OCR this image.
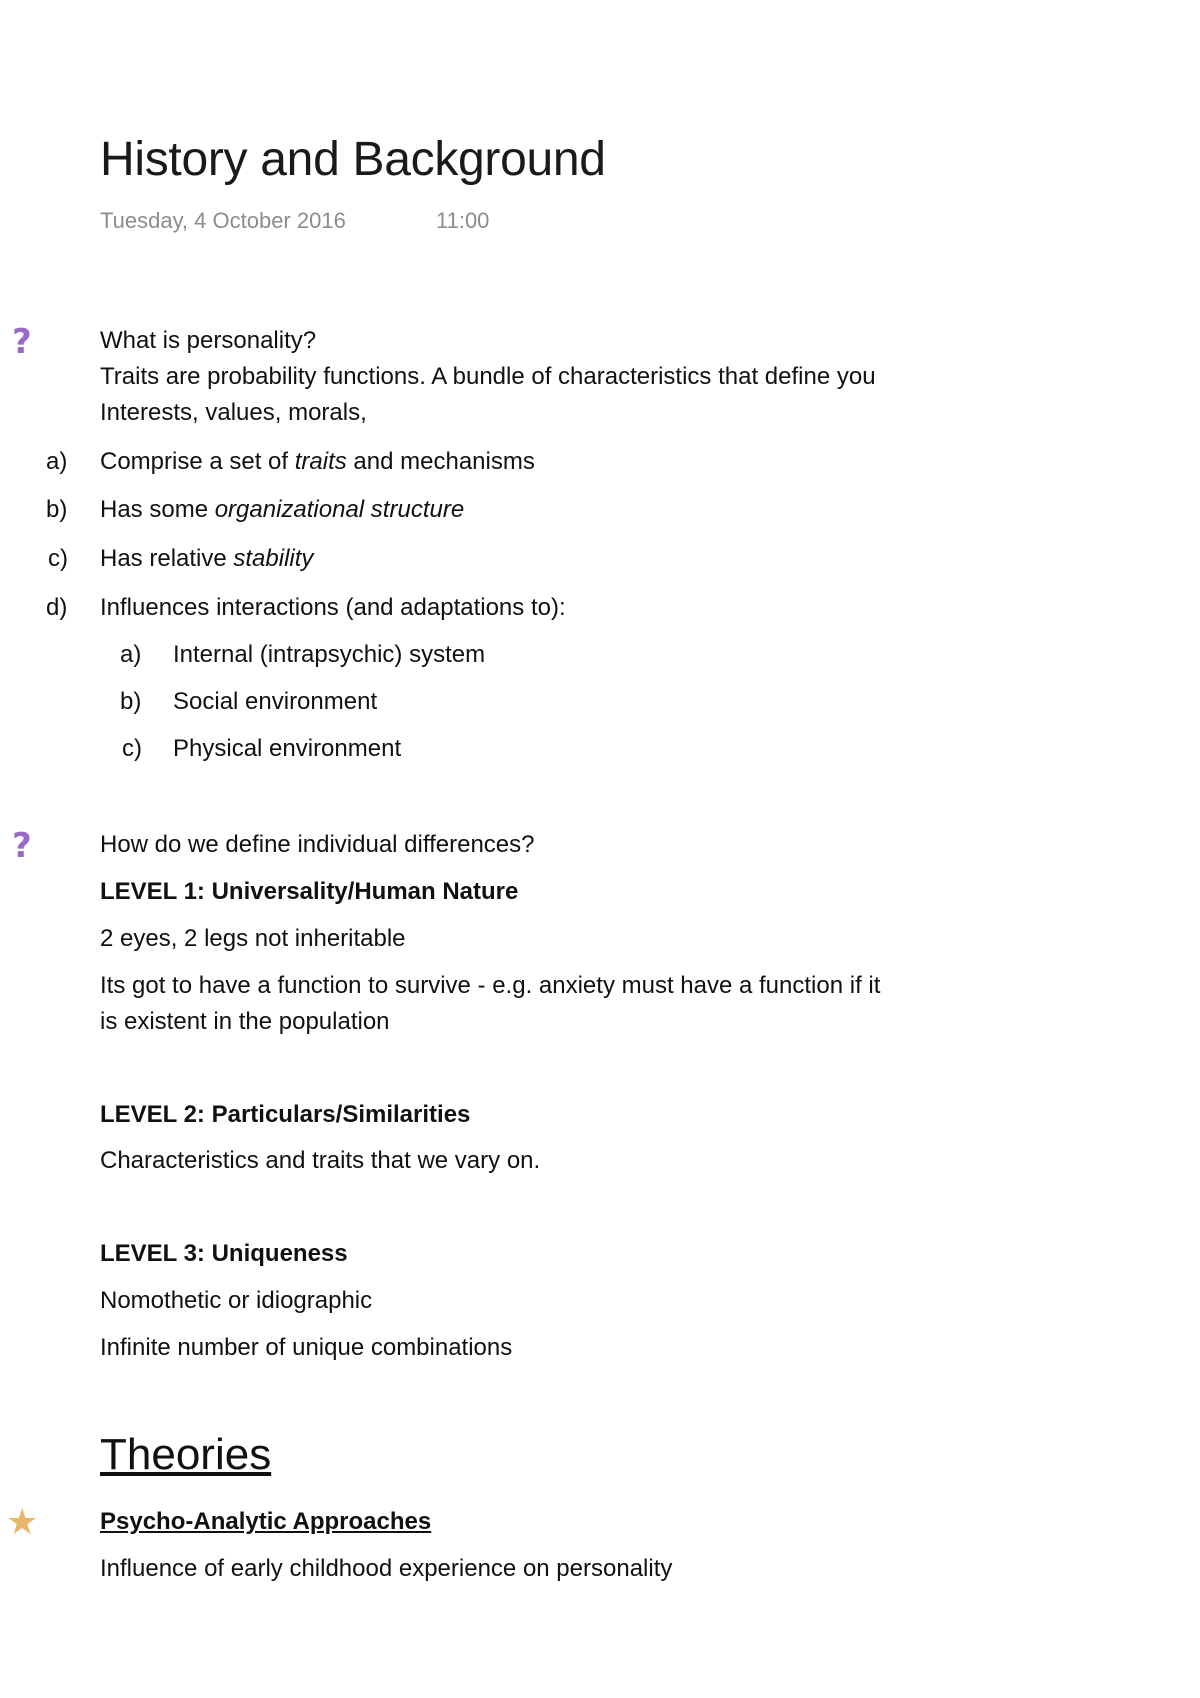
History and Background
Tuesday, 4 October 2016	11:00
?	What is personality?
Traits are probability functions. A bundle of characteristics that define you
Interests, values, morals,
a) Comprise a set of traits and mechanisms
b) Has some organizational structure
c) Has relative stability
d) Influences interactions (and adaptations to):
a) Internal (intrapsychic) system
b) Social environment
c) Physical environment
?	How do we define individual differences?
LEVEL 1: Universality/Human Nature
2 eyes, 2 legs not inheritable
Its got to have a function to survive - e.g. anxiety must have a function if it
is existent in the population
LEVEL 2: Particulars/Similarities
Characteristics and traits that we vary on.
LEVEL 3: Uniqueness
Nomothetic or idiographic
Infinite number of unique combinations
Theories
★	Psycho-Analytic Approaches
Influence of early childhood experience on personality
